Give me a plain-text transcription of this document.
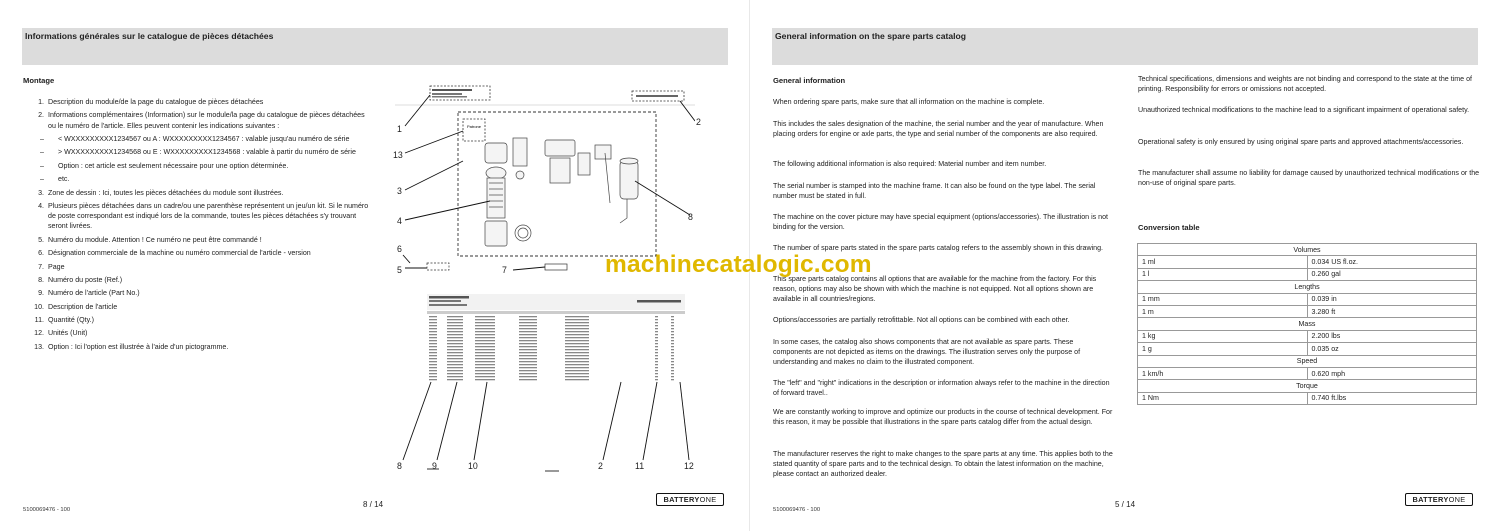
Informations générales sur le catalogue de pièces détachées
Montage
1. Description du module/de la page du catalogue de pièces détachées
2. Informations complémentaires (Information) sur le module/la page du catalogue de pièces détachées ou le numéro de l'article. Elles peuvent contenir les indications suivantes :
–	< WXXXXXXXXX1234567 ou A : WXXXXXXXXX1234567 : valable jusqu'au numéro de série
–	> WXXXXXXXXX1234568 ou E : WXXXXXXXXX1234568 : valable à partir du numéro de série
–	Option : cet article est seulement nécessaire pour une option déterminée.
–	etc.
3. Zone de dessin : Ici, toutes les pièces détachées du module sont illustrées.
4. Plusieurs pièces détachées dans un cadre/ou une parenthèse représentent un jeu/un kit. Si le numéro de poste correspondant est indiqué lors de la commande, toutes les pièces détachées s'y trouvant seront livrées.
5. Numéro du module. Attention ! Ce numéro ne peut être commandé !
6. Désignation commerciale de la machine ou numéro commercial de l'article - version
7. Page
8. Numéro du poste (Ref.)
9. Numéro de l'article (Part No.)
10. Description de l'article
11. Quantité (Qty.)
12. Unités (Unit)
13. Option : Ici l'option est illustrée à l'aide d'un pictogramme.
Patrone
1
2
13
3
4	8
6
5	7
8	9	10	2	11	12
5100069476 - 100
8 / 14
BATTERYONE
General information on the spare parts catalog
General information
When ordering spare parts, make sure that all information on the machine is complete.
This includes the sales designation of the machine, the serial number and the year of manufacture. When placing orders for engine or axle parts, the type and serial number of the components are also required.
The following additional information is also required: Material number and item number.
The serial number is stamped into the machine frame. It can also be found on the type label. The serial number must be stated in full.
The machine on the cover picture may have special equipment (options/accessories). The illustration is not binding for the version.
The number of spare parts stated in the spare parts catalog refers to the assembly shown in this drawing.
This spare parts catalog contains all options that are available for the machine from the factory. For this reason, options may also be shown with which the machine is not equipped. Not all options shown are available in all countries/regions.
Options/accessories are partially retrofittable. Not all options can be combined with each other.
In some cases, the catalog also shows components that are not available as spare parts. These components are not depicted as items on the drawings. The illustration serves only the purpose of understanding and makes no claim to the illustrated component.
The "left" and "right" indications in the description or information always refer to the machine in the direction of forward travel..
We are constantly working to improve and optimize our products in the course of technical development. For this reason, it may be possible that illustrations in the spare parts catalog differ from the actual design.
The manufacturer reserves the right to make changes to the spare parts at any time. This applies both to the stated quantity of spare parts and to the technical design. To obtain the latest information on the machine, please contact an authorized dealer.
Technical specifications, dimensions and weights are not binding and correspond to the state at the time of printing. Responsibility for errors or omissions not accepted.
Unauthorized technical modifications to the machine lead to a significant impairment of operational safety.
Operational safety is only ensured by using original spare parts and approved attachments/accessories.
The manufacturer shall assume no liability for damage caused by unauthorized technical modifications or the non-use of original spare parts.
Conversion table
Volumes	
1 ml	0.034 US fl.oz.
1 l	0.260 gal
Lengths	
1 mm	0.039 in
1 m	3.280 ft
Mass	
1 kg	2.200 lbs
1 g	0.035 oz
Speed	
1 km/h	0.620 mph
Torque	
1 Nm	0.740 ft.lbs
5100069476 - 100
5 / 14
BATTERYONE
machinecatalogic.com
